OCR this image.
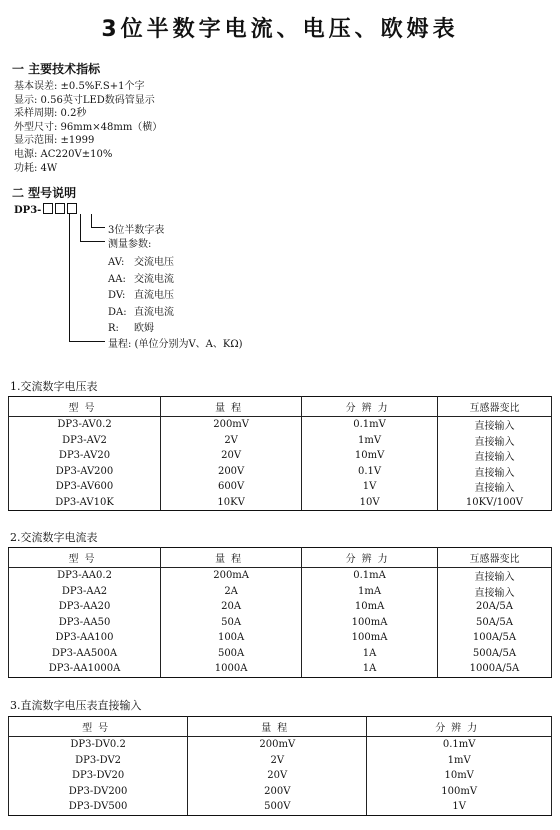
3位半数字电流、电压、欧姆表
一 主要技术指标
基本误差: ±0.5%F.S+1个字
显示: 0.56英寸LED数码管显示
采样周期: 0.2秒
外型尺寸: 96mm×48mm（横）
显示范围: ±1999
电源: AC220V±10%
功耗: 4W
二 型号说明
DP3-
3位半数字表
测量参数:
AV: 交流电压
AA: 交流电流
DV: 直流电压
DA: 直流电流
R: 欧姆
量程: (单位分别为V、A、KΩ)
1.交流数字电压表
型号	量程	分辨力	互感器变比
DP3-AV0.2	200mV	0.1mV	直接输入
DP3-AV2	2V	1mV	直接输入
DP3-AV20	20V	10mV	直接输入
DP3-AV200	200V	0.1V	直接输入
DP3-AV600	600V	1V	直接输入
DP3-AV10K	10KV	10V	10KV/100V
2.交流数字电流表
型号	量程	分辨力	互感器变比
DP3-AA0.2	200mA	0.1mA	直接输入
DP3-AA2	2A	1mA	直接输入
DP3-AA20	20A	10mA	20A/5A
DP3-AA50	50A	100mA	50A/5A
DP3-AA100	100A	100mA	100A/5A
DP3-AA500A	500A	1A	500A/5A
DP3-AA1000A	1000A	1A	1000A/5A
3.直流数字电压表直接输入
型号	量程	分辨力
DP3-DV0.2	200mV	0.1mV
DP3-DV2	2V	1mV
DP3-DV20	20V	10mV
DP3-DV200	200V	100mV
DP3-DV500	500V	1V
